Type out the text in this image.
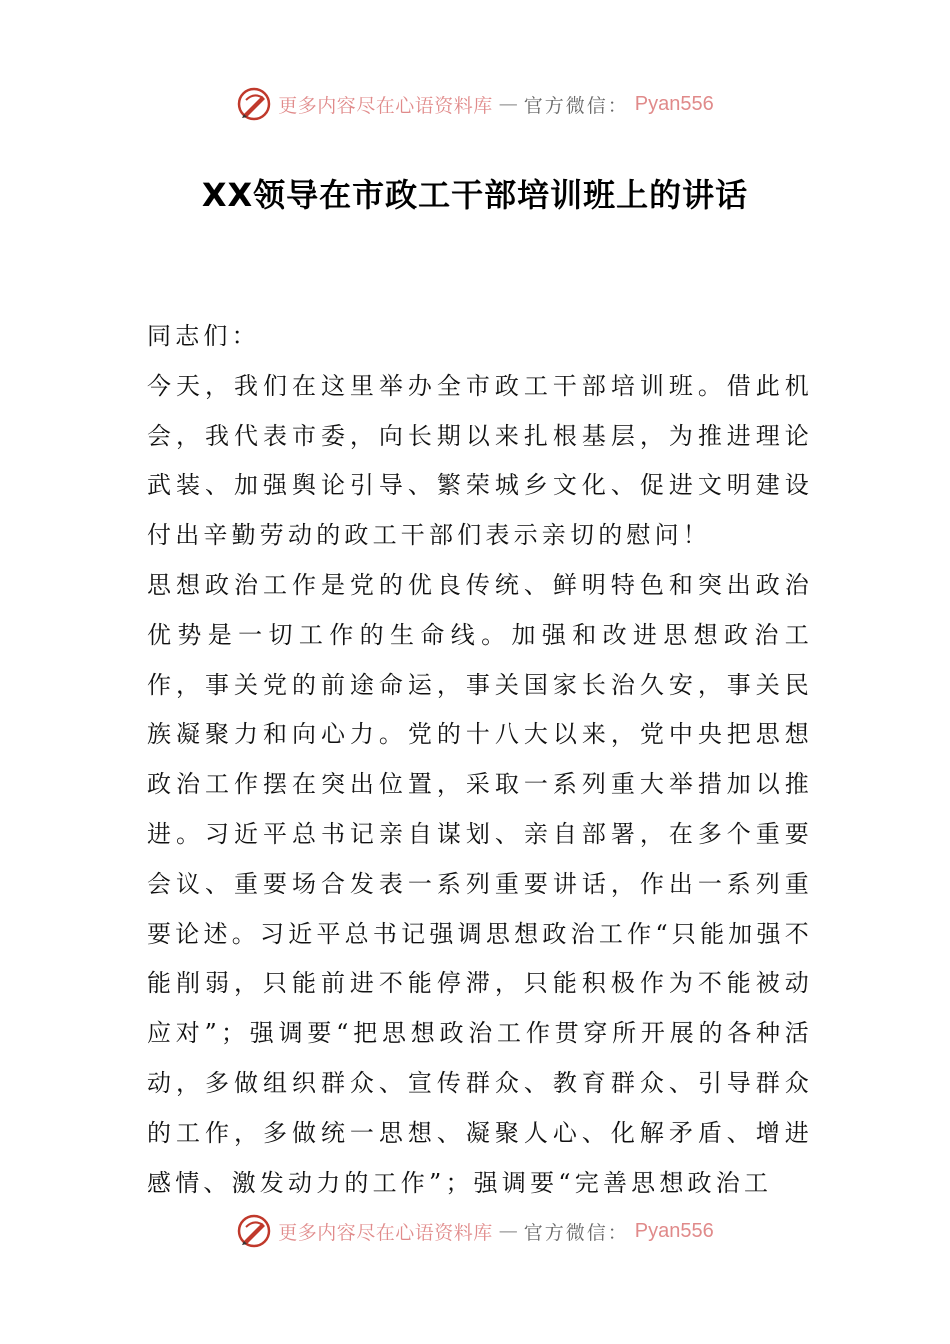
更多内容尽在心语资料库 — 官方微信： Pyan556
XX领导在市政工干部培训班上的讲话

同志们：

今天，我们在这里举办全市政工干部培训班。借此机会，我代表市委，向长期以来扎根基层，为推进理论武装、加强舆论引导、繁荣城乡文化、促进文明建设付出辛勤劳动的政工干部们表示亲切的慰问！

思想政治工作是党的优良传统、鲜明特色和突出政治优势是一切工作的生命线。加强和改进思想政治工作，事关党的前途命运，事关国家长治久安，事关民族凝聚力和向心力。党的十八大以来，党中央把思想政治工作摆在突出位置，采取一系列重大举措加以推进。习近平总书记亲自谋划、亲自部署，在多个重要会议、重要场合发表一系列重要讲话，作出一系列重要论述。习近平总书记强调思想政治工作“只能加强不能削弱，只能前进不能停滞，只能积极作为不能被动应对”；强调要“把思想政治工作贯穿所开展的各种活动，多做组织群众、宣传群众、教育群众、引导群众的工作，多做统一思想、凝聚人心、化解矛盾、增进感情、激发动力的工作”；强调要“完善思想政治工

更多内容尽在心语资料库 — 官方微信： Pyan556
